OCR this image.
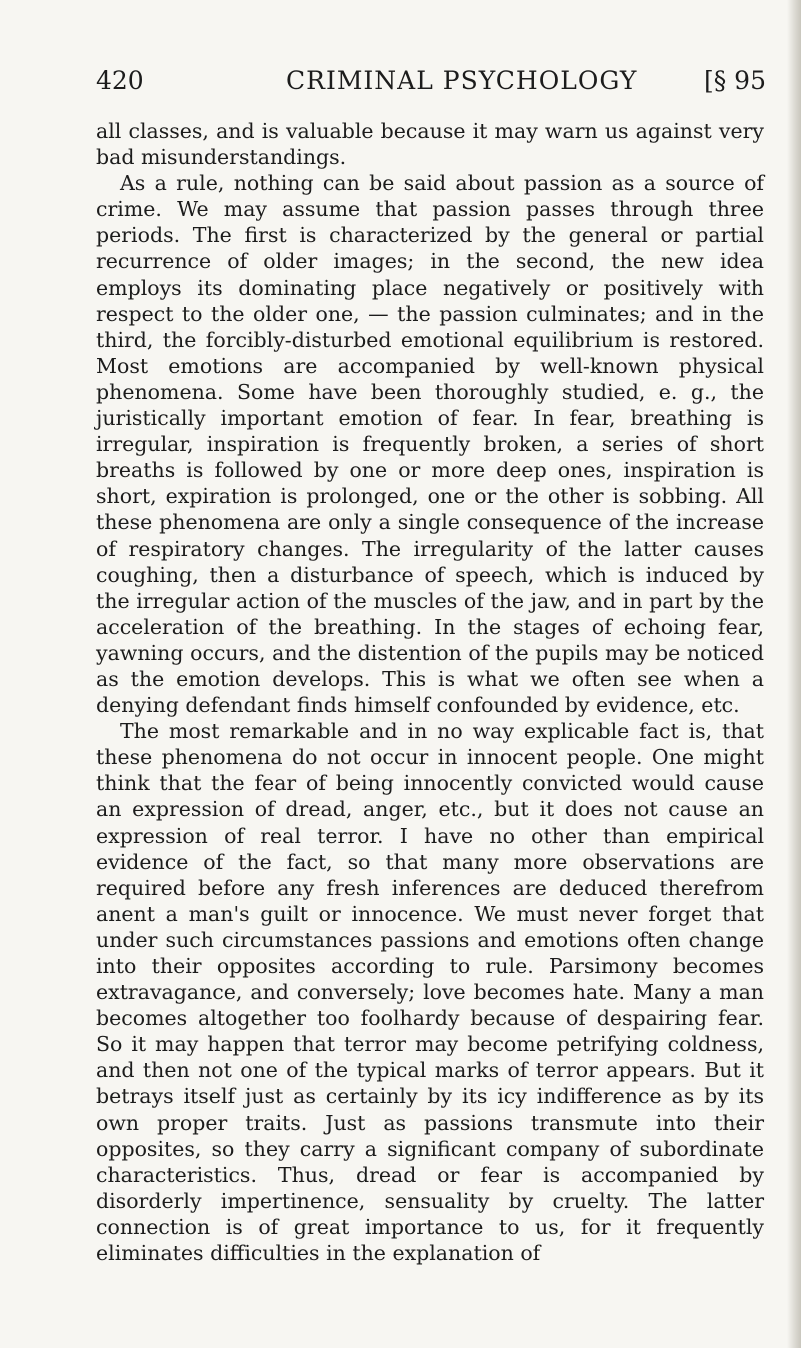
420	CRIMINAL PSYCHOLOGY	[§ 95

all classes, and is valuable because it may warn us against very bad misunderstandings.

As a rule, nothing can be said about passion as a source of crime. We may assume that passion passes through three periods. The first is characterized by the general or partial recurrence of older images; in the second, the new idea employs its dominating place negatively or positively with respect to the older one, — the passion culminates; and in the third, the forcibly-disturbed emotional equilibrium is restored. Most emotions are accompanied by well-known physical phenomena. Some have been thoroughly studied, e. g., the juristically important emotion of fear. In fear, breathing is irregular, inspiration is frequently broken, a series of short breaths is followed by one or more deep ones, inspiration is short, expiration is prolonged, one or the other is sobbing. All these phenomena are only a single consequence of the increase of respiratory changes. The irregularity of the latter causes coughing, then a disturbance of speech, which is induced by the irregular action of the muscles of the jaw, and in part by the acceleration of the breathing. In the stages of echoing fear, yawning occurs, and the distention of the pupils may be noticed as the emotion develops. This is what we often see when a denying defendant finds himself confounded by evidence, etc.

The most remarkable and in no way explicable fact is, that these phenomena do not occur in innocent people. One might think that the fear of being innocently convicted would cause an expression of dread, anger, etc., but it does not cause an expression of real terror. I have no other than empirical evidence of the fact, so that many more observations are required before any fresh inferences are deduced therefrom anent a man's guilt or innocence. We must never forget that under such circumstances passions and emotions often change into their opposites according to rule. Parsimony becomes extravagance, and conversely; love becomes hate. Many a man becomes altogether too foolhardy because of despairing fear. So it may happen that terror may become petrifying coldness, and then not one of the typical marks of terror appears. But it betrays itself just as certainly by its icy indifference as by its own proper traits. Just as passions transmute into their opposites, so they carry a significant company of subordinate characteristics. Thus, dread or fear is accompanied by disorderly impertinence, sensuality by cruelty. The latter connection is of great importance to us, for it frequently eliminates difficulties in the explanation of
